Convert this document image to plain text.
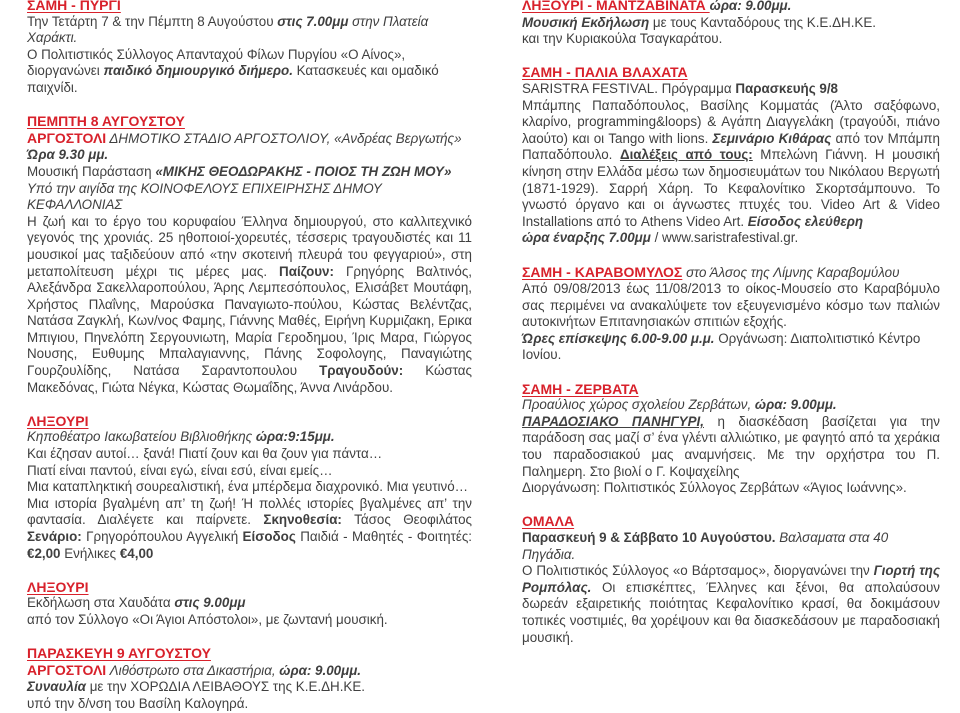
ΣΑΜΗ - ΠΥΡΓΙ

Την Τετάρτη 7 & την Πέμπτη 8 Αυγούστου στις 7.00μμ στην Πλατεία Χαράκτι.

Ο Πολιτιστικός Σύλλογος Απανταχού Φίλων Πυργίου «Ο Αίνος»,

διοργανώνει παιδικό δημιουργικό διήμερο. Κατασκευές και ομαδικό παιχνίδι.

ΠΕΜΠΤΗ 8 ΑΥΓΟΥΣΤΟΥ

ΑΡΓΟΣΤΟΛΙ ΔΗΜΟΤΙΚΟ ΣΤΑΔΙΟ ΑΡΓΟΣΤΟΛΙΟΥ, «Ανδρέας Βεργωτής» Ώρα 9.30 μμ.

Μουσική Παράσταση «ΜΙΚΗΣ ΘΕΟΔΩΡΑΚΗΣ - ΠΟΙΟΣ ΤΗ ΖΩΗ ΜΟΥ»

Υπό την αιγίδα της ΚΟΙΝΟΦΕΛΟΥΣ ΕΠΙΧΕΙΡΗΣΗΣ ΔΗΜΟΥ ΚΕΦΑΛΛΟΝΙΑΣ

Η ζωή και το έργο του κορυφαίου Έλληνα δημιουργού, στο καλλιτεχνικό γεγονός της χρονιάς. 25 ηθοποιοί-χορευτές, τέσσερις τραγουδιστές και 11 μουσικοί μας ταξιδεύουν από «την σκοτεινή πλευρά του φεγγαριού», στη μεταπολίτευση μέχρι τις μέρες μας. Παίζουν: Γρηγόρης Βαλτινός, Αλεξάνδρα Σακελλαροπούλου, Άρης Λεμπεσόπουλος, Ελισάβετ Μουτάφη, Χρήστος Πλαΐνης, Μαρούσκα Παναγιωτο-πούλου, Κώστας Βελέντζας, Νατάσα Ζαγκλή, Κων/νος Φαμης, Γιάννης Μαθές, Ειρήνη Κυρμιζακη, Ερικα Μπιγιου, Πηνελόπη Σεργουνιωτη, Μαρία Γεροδημου, Ίρις Μαρα, Γιώργος Νουσης, Ευθυμης Μπαλαγιαννης, Πάνης Σοφολογης, Παναγιώτης Γουρζουλίδης, Νατάσα Σαραντοπουλου Τραγουδούν: Κώστας Μακεδόνας, Γιώτα Νέγκα, Κώστας Θωμαΐδης, Άννα Λινάρδου.

ΛΗΞΟΥΡΙ

Κηποθέατρο Ιακωβατείου Βιβλιοθήκης ώρα:9:15μμ.

Και έζησαν αυτοί… ξανά! Πιατί ζουν και θα ζουν για πάντα…

Πιατί είναι παντού, είναι εγώ, είναι εσύ, είναι εμείς…

Μια καταπληκτική σουρεαλιστική, ένα μπέρδεμα διαχρονικό. Μια γευτινό…

Μια ιστορία βγαλμένη απ’ τη ζωή! Ή πολλές ιστορίες βγαλμένες απ’ την φαντασία. Διαλέγετε και παίρνετε. Σκηνοθεσία: Τάσος Θεοφιλάτος Σενάριο: Γρηγορόπουλου Αγγελική Είσοδος Παιδιά - Μαθητές - Φοιτητές: €2,00 Ενήλικες €4,00

ΛΗΞΟΥΡΙ

Εκδήλωση στα Χαυδάτα στις 9.00μμ

από τον Σύλλογο «Οι Άγιοι Απόστολοι», με ζωντανή μουσική.

ΠΑΡΑΣΚΕΥΗ 9 ΑΥΓΟΥΣΤΟΥ

ΑΡΓΟΣΤΟΛΙ Λιθόστρωτο στα Δικαστήρια, ώρα: 9.00μμ.

Συναυλία με την ΧΟΡΩΔΙΑ ΛΕΙΒΑΘΟΥΣ της Κ.Ε.ΔΗ.ΚΕ.

υπό την δ/νση του Βασίλη Καλογηρά.

ΛΗΞΟΥΡΙ - ΜΑΝΤΖΑΒΙΝΑΤΑ ώρα: 9.00μμ.

Μουσική Εκδήλωση με τους Κανταδόρους της Κ.Ε.ΔΗ.ΚΕ.

και την Κυριακούλα Τσαγκαράτου.

ΣΑΜΗ - ΠΑΛΙΑ ΒΛΑΧΑΤΑ

SARISTRA FESTIVAL. Πρόγραμμα Παρασκευής 9/8

Μπάμπης Παπαδόπουλος, Βασίλης Κομματάς (Άλτο σαξόφωνο, κλαρίνο, programming&loops) & Αγάπη Διαγγελάκη (τραγούδι, πιάνο λαούτο) και οι Tango with lions. Σεμινάριο Κιθάρας από τον Μπάμπη Παπαδόπουλο. Διαλέξεις από τους: Μπελώνη Γιάννη. Η μουσική κίνηση στην Ελλάδα μέσω των δημοσιευμάτων του Νικόλαου Βεργωτή (1871-1929). Σαρρή Χάρη. Το Κεφαλονίτικο Σκορτσάμπουνο. Το γνωστό όργανο και οι άγνωστες πτυχές του. Video Art & Video Installations από το Athens Video Art. Είσοδος ελεύθερη

ώρα έναρξης 7.00μμ / www.saristrafestival.gr.

ΣΑΜΗ - ΚΑΡΑΒΟΜΥΛΟΣ στο Άλσος της Λίμνης Καραβομύλου

Από 09/08/2013 έως 11/08/2013 το οίκος-Μουσείο στο Καραβόμυλο σας περιμένει να ανακαλύψετε τον εξευγενισμένο κόσμο των παλιών αυτοκινήτων Επιτανησιακών σπιτιών εξοχής.

Ώρες επίσκεψης 6.00-9.00 μ.μ. Οργάνωση: Διαπολιτιστικό Κέντρο Ιονίου.

ΣΑΜΗ - ΖΕΡΒΑΤΑ

Προαύλιος χώρος σχολείου Ζερβάτων, ώρα: 9.00μμ.

ΠΑΡΑΔΟΣΙΑΚΟ ΠΑΝΗΓΥΡΙ, η διασκέδαση βασίζεται για την παράδοση σας μαζί σ’ ένα γλέντι αλλιώτικο, με φαγητό από τα χεράκια του παραδοσιακού μας αναμνήσεις. Με την ορχήστρα του Π. Παλημερη. Στο βιολί ο Γ. Κοψαχείλης

Διοργάνωση: Πολιτιστικός Σύλλογος Ζερβάτων «Άγιος Ιωάννης».

ΟΜΑΛΑ

Παρασκευή 9 & Σάββατο 10 Αυγούστου. Βαλσαματα στα 40 Πηγάδια.

Ο Πολιτιστικός Σύλλογος «ο Βάρτσαμος», διοργανώνει την Γιορτή της Ρομπόλας. Οι επισκέπτες, Έλληνες και ξένοι, θα απολαύσουν δωρεάν εξαιρετικής ποιότητας Κεφαλονίτικο κρασί, θα δοκιμάσουν τοπικές νοστιμιές, θα χορέψουν και θα διασκεδάσουν με παραδοσιακή μουσική.
